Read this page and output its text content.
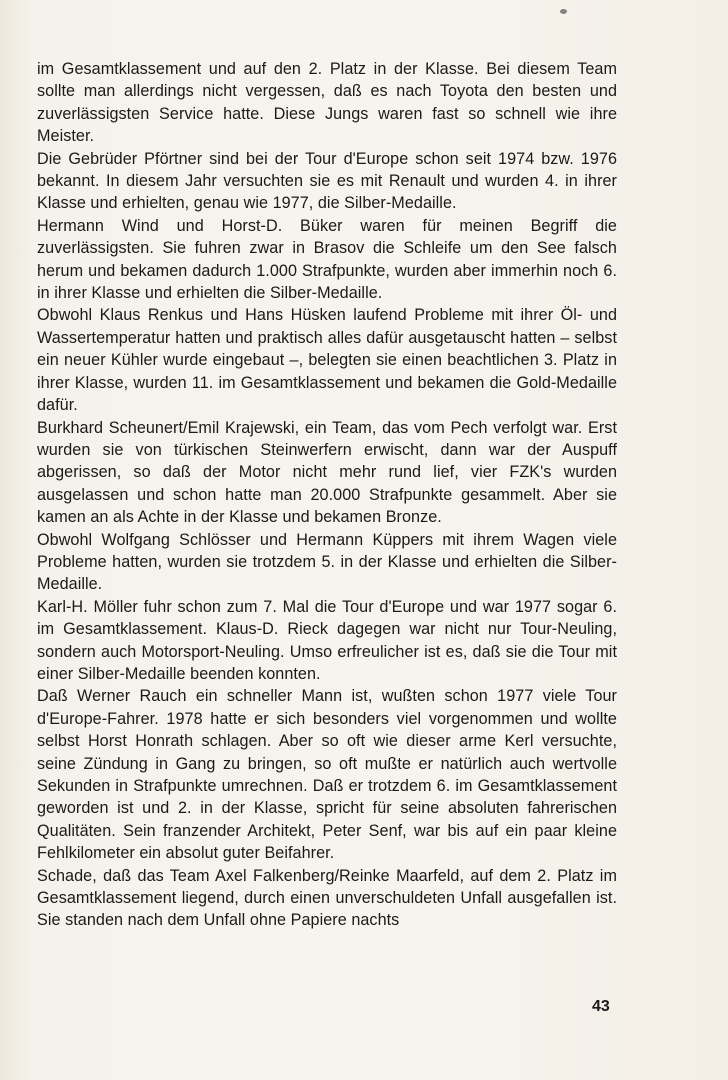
im Gesamtklassement und auf den 2. Platz in der Klasse. Bei diesem Team sollte man allerdings nicht vergessen, daß es nach Toyota den besten und zuverlässigsten Service hatte. Diese Jungs waren fast so schnell wie ihre Meister.

Die Gebrüder Pförtner sind bei der Tour d'Europe schon seit 1974 bzw. 1976 bekannt. In diesem Jahr versuchten sie es mit Renault und wurden 4. in ihrer Klasse und erhielten, genau wie 1977, die Silber-Medaille.

Hermann Wind und Horst-D. Büker waren für meinen Begriff die zuverlässigsten. Sie fuhren zwar in Brasov die Schleife um den See falsch herum und bekamen dadurch 1.000 Strafpunkte, wurden aber immerhin noch 6. in ihrer Klasse und erhielten die Silber-Medaille.

Obwohl Klaus Renkus und Hans Hüsken laufend Probleme mit ihrer Öl- und Wassertemperatur hatten und praktisch alles dafür ausgetauscht hatten – selbst ein neuer Kühler wurde eingebaut –, belegten sie einen beachtlichen 3. Platz in ihrer Klasse, wurden 11. im Gesamtklassement und bekamen die Gold-Medaille dafür.

Burkhard Scheunert/Emil Krajewski, ein Team, das vom Pech verfolgt war. Erst wurden sie von türkischen Steinwerfern erwischt, dann war der Auspuff abgerissen, so daß der Motor nicht mehr rund lief, vier FZK's wurden ausgelassen und schon hatte man 20.000 Strafpunkte gesammelt. Aber sie kamen an als Achte in der Klasse und bekamen Bronze.

Obwohl Wolfgang Schlösser und Hermann Küppers mit ihrem Wagen viele Probleme hatten, wurden sie trotzdem 5. in der Klasse und erhielten die Silber-Medaille.

Karl-H. Möller fuhr schon zum 7. Mal die Tour d'Europe und war 1977 sogar 6. im Gesamtklassement. Klaus-D. Rieck dagegen war nicht nur Tour-Neuling, sondern auch Motorsport-Neuling. Umso erfreulicher ist es, daß sie die Tour mit einer Silber-Medaille beenden konnten.

Daß Werner Rauch ein schneller Mann ist, wußten schon 1977 viele Tour d'Europe-Fahrer. 1978 hatte er sich besonders viel vorgenommen und wollte selbst Horst Honrath schlagen. Aber so oft wie dieser arme Kerl versuchte, seine Zündung in Gang zu bringen, so oft mußte er natürlich auch wertvolle Sekunden in Strafpunkte umrechnen. Daß er trotzdem 6. im Gesamtklassement geworden ist und 2. in der Klasse, spricht für seine absoluten fahrerischen Qualitäten. Sein franzender Architekt, Peter Senf, war bis auf ein paar kleine Fehlkilometer ein absolut guter Beifahrer.

Schade, daß das Team Axel Falkenberg/Reinke Maarfeld, auf dem 2. Platz im Gesamtklassement liegend, durch einen unverschuldeten Unfall ausgefallen ist. Sie standen nach dem Unfall ohne Papiere nachts

43
